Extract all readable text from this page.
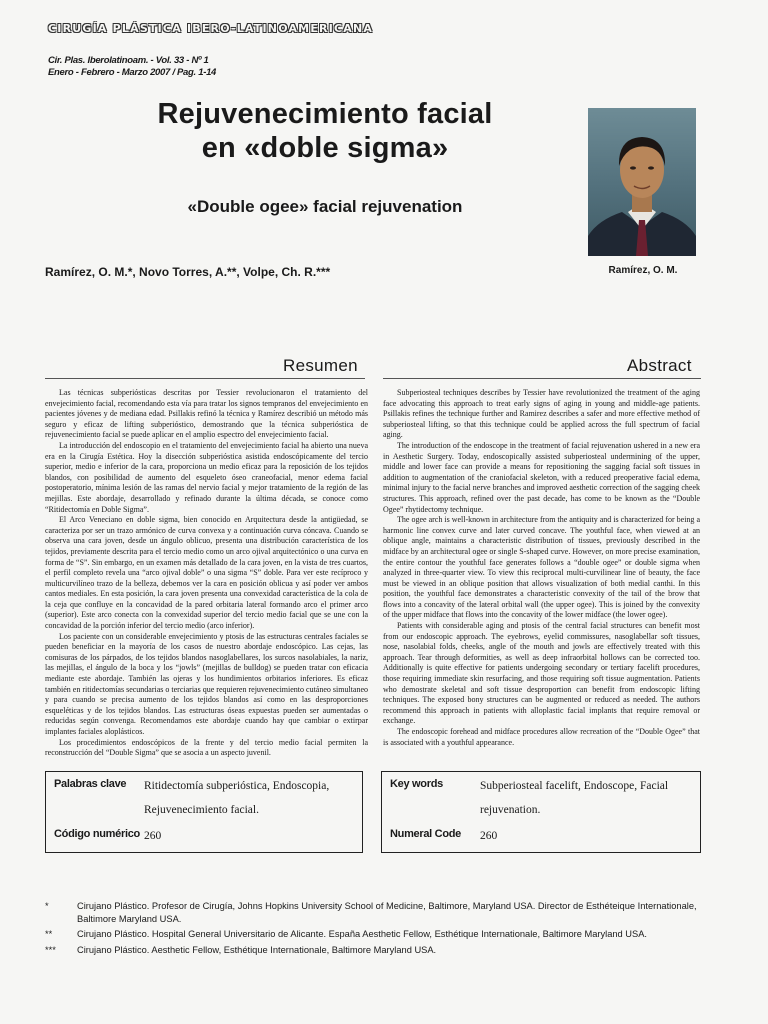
CIRUGÍA PLÁSTICA IBERO-LATINOAMERICANA
Cir. Plas. Iberolatinoam. - Vol. 33 - Nº 1
Enero - Febrero - Marzo 2007 / Pag. 1-14
Rejuvenecimiento facial
en «doble sigma»
«Double ogee» facial rejuvenation
Ramírez, O. M.*, Novo Torres, A.**, Volpe, Ch. R.***	Ramírez, O. M.
Resumen

Las técnicas subperiósticas descritas por Tessier revolucionaron el tratamiento del envejecimiento facial, recomendando esta vía para tratar los signos tempranos del envejecimiento en pacientes jóvenes y de mediana edad. Psillakis refinó la técnica y Ramírez describió un método más seguro y eficaz de lifting subperióstico, demostrando que la técnica subperióstica de rejuvenecimiento facial se puede aplicar en el amplio espectro del envejecimiento facial.

La introducción del endoscopio en el tratamiento del envejecimiento facial ha abierto una nueva era en la Cirugía Estética. Hoy la disección subperióstica asistida endoscópicamente del tercio superior, medio e inferior de la cara, proporciona un medio eficaz para la reposición de los tejidos blandos, con posibilidad de aumento del esqueleto óseo craneofacial, menor edema facial postoperatorio, mínima lesión de las ramas del nervio facial y mejor tratamiento de la región de las mejillas. Este abordaje, desarrollado y refinado durante la última década, se conoce como “Ritidectomía en Doble Sigma”.

El Arco Veneciano en doble sigma, bien conocido en Arquitectura desde la antigüedad, se caracteriza por ser un trazo armónico de curva convexa y a continuación curva cóncava. Cuando se observa una cara joven, desde un ángulo oblicuo, presenta una distribución característica de los tejidos, previamente descrita para el tercio medio como un arco ojival arquitectónico o una curva en forma de “S”. Sin embargo, en un examen más detallado de la cara joven, en la vista de tres cuartos, el perfil completo revela una “arco ojival doble” o una sigma “S” doble. Para ver este recíproco y multicurvilíneo trazo de la belleza, debemos ver la cara en posición oblicua y así poder ver ambos cantos mediales. En esta posición, la cara joven presenta una convexidad característica de la cola de la ceja que confluye en la concavidad de la pared orbitaria lateral formando arco el primer arco (superior). Este arco conecta con la convexidad superior del tercio medio facial que se une con la concavidad de la porción inferior del tercio medio (arco inferior).

Los paciente con un considerable envejecimiento y ptosis de las estructuras centrales faciales se pueden beneficiar en la mayoría de los casos de nuestro abordaje endoscópico. Las cejas, las comisuras de los párpados, de los tejidos blandos nasoglabellares, los surcos nasolabiales, la nariz, las mejillas, el ángulo de la boca y los “jowls” (mejillas de bulldog) se pueden tratar con eficacia mediante este abordaje. También las ojeras y los hundimientos orbitarios inferiores. Es eficaz también en ritidectomías secundarias o terciarias que requieren rejuvenecimiento cutáneo simultaneo y para cuando se precisa aumento de los tejidos blandos así como en las desproporciones esqueléticas y de los tejidos blandos. Las estructuras óseas expuestas pueden ser aumentadas o reducidas según convenga. Recomendamos este abordaje cuando hay que cambiar o extirpar implantes faciales aloplásticos.

Los procedimientos endoscópicos de la frente y del tercio medio facial permiten la reconstrucción del “Double Sigma” que se asocia a un aspecto juvenil.

Abstract

Subperiosteal techniques describes by Tessier have revolutionized the treatment of the aging face advocating this approach to treat early signs of aging in young and middle-age patients. Psillakis refines the technique further and Ramirez describes a safer and more effective method of subperiosteal lifting, so that this technique could be applied across the full spectrum of facial aging.

The introduction of the endoscope in the treatment of facial rejuvenation ushered in a new era in Aesthetic Surgery. Today, endoscopically assisted subperiosteal undermining of the upper, middle and lower face can provide a means for repositioning the sagging facial soft tissues in addition to augmentation of the craniofacial skeleton, with a reduced preoperative facial edema, minimal injury to the facial nerve branches and improved aesthetic correction of the sagging cheek structures. This approach, refined over the past decade, has come to be known as the “Double Ogee” rhytidectomy technique.

The ogee arch is well-known in architecture from the antiquity and is characterized for being a harmonic line convex curve and later curved concave. The youthful face, when viewed at an oblique angle, maintains a characteristic distribution of tissues, previously described in the midface by an architectural ogee or single S-shaped curve. However, on more precise examination, the entire contour the youthful face generates follows a “double ogee” or double sigma when analyzed in three-quarter view. To view this reciprocal multi-curvilinear line of beauty, the face must be viewed in an oblique position that allows visualization of both medial canthi. In this position, the youthful face demonstrates a characteristic convexity of the tail of the brow that flows into a concavity of the lateral orbital wall (the upper ogee). This is joined by the convexity of the upper midface that flows into the concavity of the lower midface (the lower ogee).

Patients with considerable aging and ptosis of the central facial structures can benefit most from our endoscopic approach. The eyebrows, eyelid commissures, nasoglabellar soft tissues, nose, nasolabial folds, cheeks, angle of the mouth and jowls are effectively treated with this approach. Tear through deformities, as well as deep infraorbital hollows can be corrected too. Additionally is quite effective for patients undergoing secondary or tertiary facelift procedures, those requiring immediate skin resurfacing, and those requiring soft tissue augmentation. Patients who demostrate skeletal and soft tissue desproportion can benefit from endoscopic lifting techniques. The exposed bony structures can be augmented or reduced as needed. The authors recommend this approach in patients with alloplastic facial implants that require removal or exchange.

The endoscopic forehead and midface procedures allow recreation of the “Double Ogee” that is associated with a youthful appearance.

Palabras clave Ritidectomía subperióstica, Endoscopia,
Rejuvenecimiento facial.
Código numérico 260
Key words	Subperiosteal facelift, Endoscope, Facial
rejuvenation.
Numeral Code 260
*	Cirujano Plástico. Profesor de Cirugía, Johns Hopkins University School of Medicine, Baltimore, Maryland USA. Director de Esthéteique Internationale, Baltimore Maryland USA.
**	Cirujano Plástico. Hospital General Universitario de Alicante. España Aesthetic Fellow, Esthétique Internationale, Baltimore Maryland USA.
***	Cirujano Plástico. Aesthetic Fellow, Esthétique Internationale, Baltimore Maryland USA.
